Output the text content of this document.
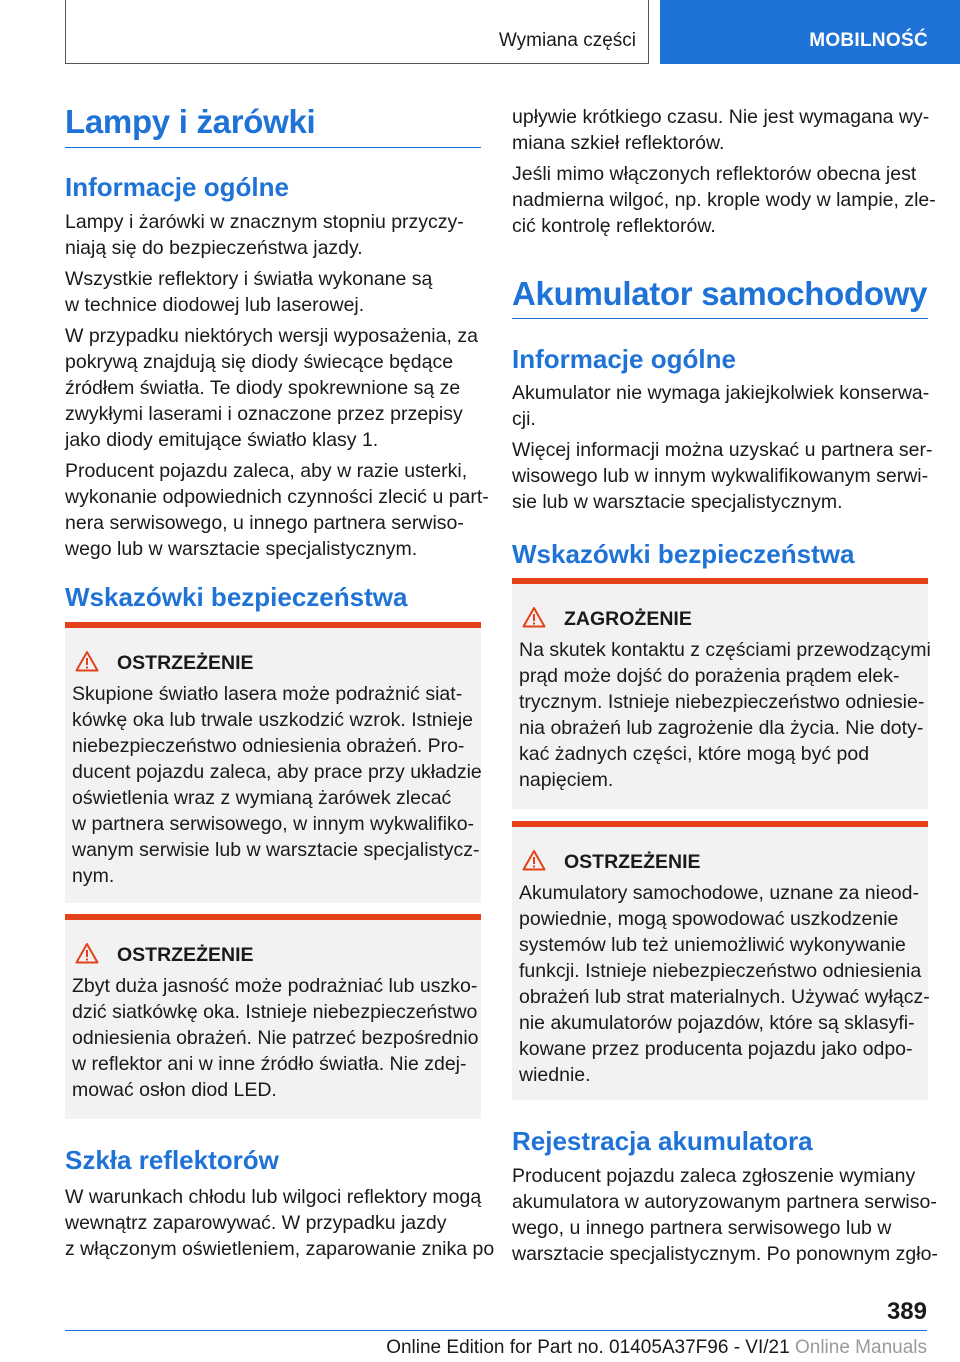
Wymiana części	MOBILNOŚĆ
Lampy i żarówki
Informacje ogólne
Lampy i żarówki w znacznym stopniu przyczy-
niają się do bezpieczeństwa jazdy.
Wszystkie reflektory i światła wykonane są
w technice diodowej lub laserowej.
W przypadku niektórych wersji wyposażenia, za
pokrywą znajdują się diody świecące będące
źródłem światła. Te diody spokrewnione są ze
zwykłymi laserami i oznaczone przez przepisy
jako diody emitujące światło klasy 1.
Producent pojazdu zaleca, aby w razie usterki,
wykonanie odpowiednich czynności zlecić u part-
nera serwisowego, u innego partnera serwiso-
wego lub w warsztacie specjalistycznym.
Wskazówki bezpieczeństwa
OSTRZEŻENIE
Skupione światło lasera może podrażnić siat-
kówkę oka lub trwale uszkodzić wzrok. Istnieje
niebezpieczeństwo odniesienia obrażeń. Pro-
ducent pojazdu zaleca, aby prace przy układzie
oświetlenia wraz z wymianą żarówek zlecać
w partnera serwisowego, w innym wykwalifiko-
wanym serwisie lub w warsztacie specjalistycz-
nym.
OSTRZEŻENIE
Zbyt duża jasność może podrażniać lub uszko-
dzić siatkówkę oka. Istnieje niebezpieczeństwo
odniesienia obrażeń. Nie patrzeć bezpośrednio
w reflektor ani w inne źródło światła. Nie zdej-
mować osłon diod LED.
Szkła reflektorów
W warunkach chłodu lub wilgoci reflektory mogą
wewnątrz zaparowywać. W przypadku jazdy
z włączonym oświetleniem, zaparowanie znika po
upływie krótkiego czasu. Nie jest wymagana wy-
miana szkieł reflektorów.
Jeśli mimo włączonych reflektorów obecna jest
nadmierna wilgoć, np. krople wody w lampie, zle-
cić kontrolę reflektorów.
Akumulator samochodowy
Informacje ogólne
Akumulator nie wymaga jakiejkolwiek konserwa-
cji.
Więcej informacji można uzyskać u partnera ser-
wisowego lub w innym wykwalifikowanym serwi-
sie lub w warsztacie specjalistycznym.
Wskazówki bezpieczeństwa
ZAGROŻENIE
Na skutek kontaktu z częściami przewodzącymi
prąd może dojść do porażenia prądem elek-
trycznym. Istnieje niebezpieczeństwo odniesie-
nia obrażeń lub zagrożenie dla życia. Nie doty-
kać żadnych części, które mogą być pod
napięciem.
OSTRZEŻENIE
Akumulatory samochodowe, uznane za nieod-
powiednie, mogą spowodować uszkodzenie
systemów lub też uniemożliwić wykonywanie
funkcji. Istnieje niebezpieczeństwo odniesienia
obrażeń lub strat materialnych. Używać wyłącz-
nie akumulatorów pojazdów, które są sklasyfi-
kowane przez producenta pojazdu jako odpo-
wiednie.
Rejestracja akumulatora
Producent pojazdu zaleca zgłoszenie wymiany
akumulatora w autoryzowanym partnera serwiso-
wego, u innego partnera serwisowego lub w
warsztacie specjalistycznym. Po ponownym zgło-
389
Online Edition for Part no. 01405A37F96 - VI/21 Online Manuals
